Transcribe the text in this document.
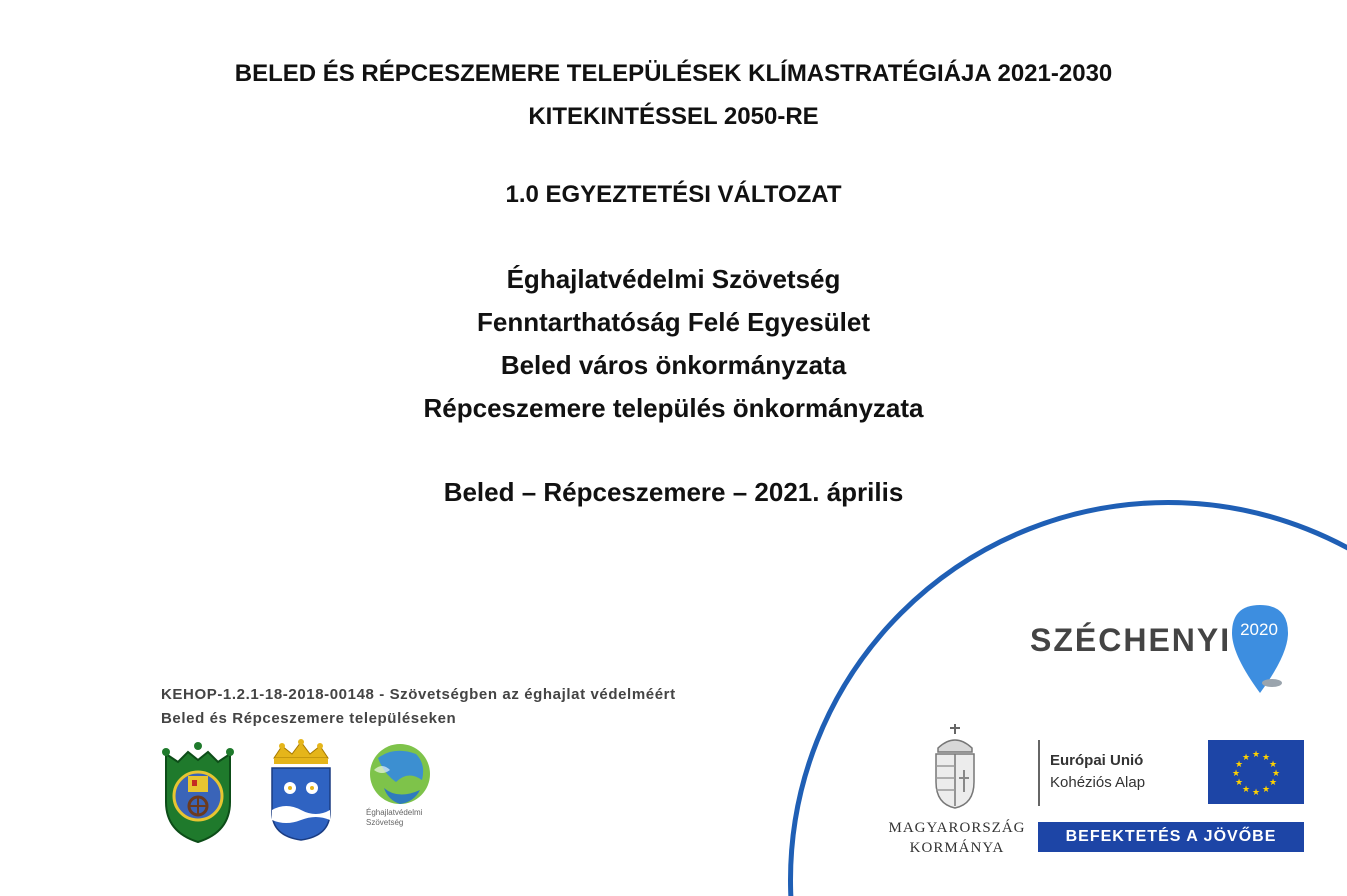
BELED ÉS RÉPCESZEMERE TELEPÜLÉSEK KLÍMASTRATÉGIÁJA 2021-2030
KITEKINTÉSSEL 2050-RE
1.0 EGYEZTETÉSI VÁLTOZAT
Éghajlatvédelmi Szövetség
Fenntarthatóság Felé Egyesület
Beled város önkormányzata
Répceszemere település önkormányzata
Beled – Répceszemere – 2021. április
KEHOP-1.2.1-18-2018-00148 - Szövetségben az éghajlat védelméért
Beled és Répceszemere településeken
Éghajlatvédelmi
Szövetség
SZÉCHENYI 2020
MAGYARORSZÁG
KORMÁNYA
Európai Unió
Kohéziós Alap
★ ★
★
★
★
★
★
★
★
★
★
★
BEFEKTETÉS A JÖVŐBE
